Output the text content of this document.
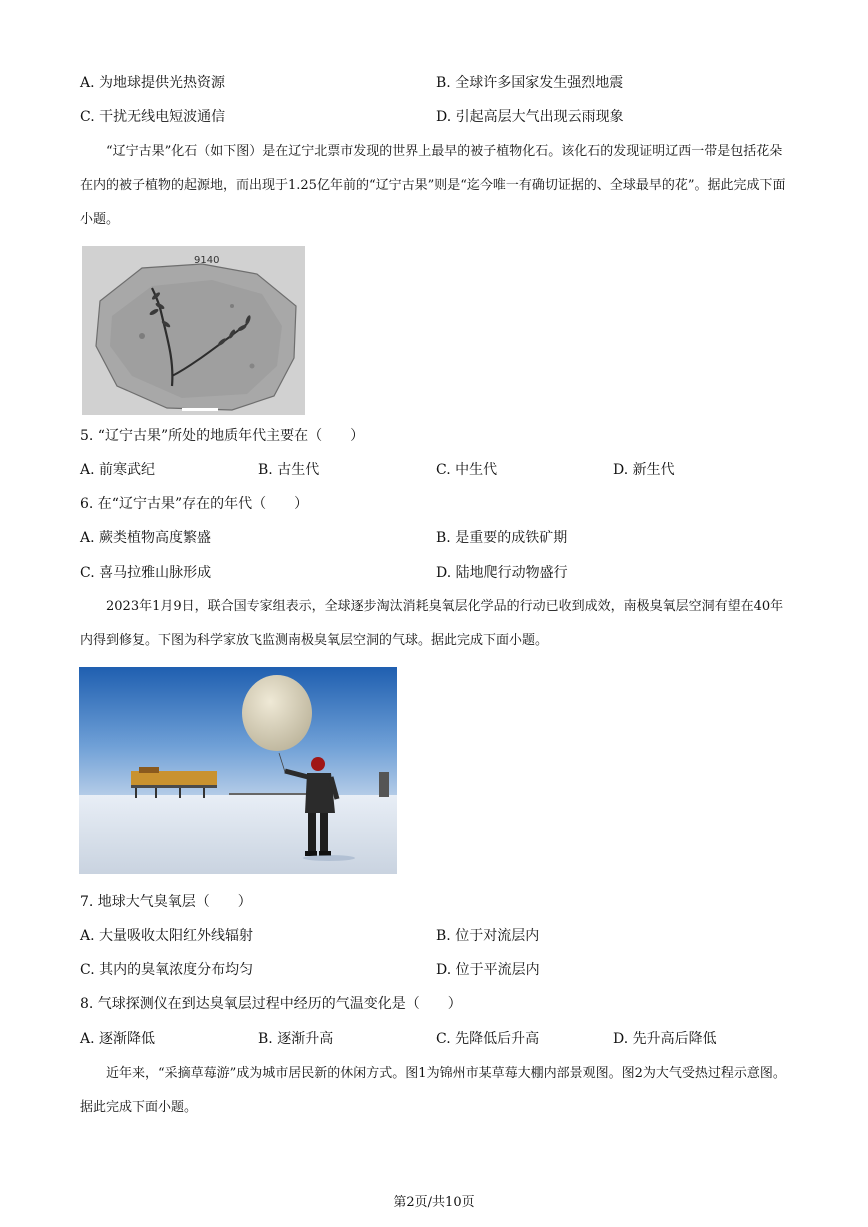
A. 为地球提供光热资源	B. 全球许多国家发生强烈地震
C. 干扰无线电短波通信	D. 引起高层大气出现云雨现象

“辽宁古果”化石（如下图）是在辽宁北票市发现的世界上最早的被子植物化石。该化石的发现证明辽西一带是包括花朵在内的被子植物的起源地，而出现于1.25亿年前的“辽宁古果”则是“迄今唯一有确切证据的、全球最早的花”。据此完成下面小题。

9140
5. “辽宁古果”所处的地质年代主要在（　　）
A. 前寒武纪	B. 古生代	C. 中生代	D. 新生代
6. 在“辽宁古果”存在的年代（　　）
A. 蕨类植物高度繁盛	B. 是重要的成铁矿期
C. 喜马拉雅山脉形成	D. 陆地爬行动物盛行

2023年1月9日，联合国专家组表示，全球逐步淘汰消耗臭氧层化学品的行动已收到成效，南极臭氧层空洞有望在40年内得到修复。下图为科学家放飞监测南极臭氧层空洞的气球。据此完成下面小题。

7. 地球大气臭氧层（　　）
A. 大量吸收太阳红外线辐射	B. 位于对流层内
C. 其内的臭氧浓度分布均匀	D. 位于平流层内
8. 气球探测仪在到达臭氧层过程中经历的气温变化是（　　）
A. 逐渐降低	B. 逐渐升高	C. 先降低后升高	D. 先升高后降低

近年来，“采摘草莓游”成为城市居民新的休闲方式。图1为锦州市某草莓大棚内部景观图。图2为大气受热过程示意图。据此完成下面小题。

第2页/共10页
